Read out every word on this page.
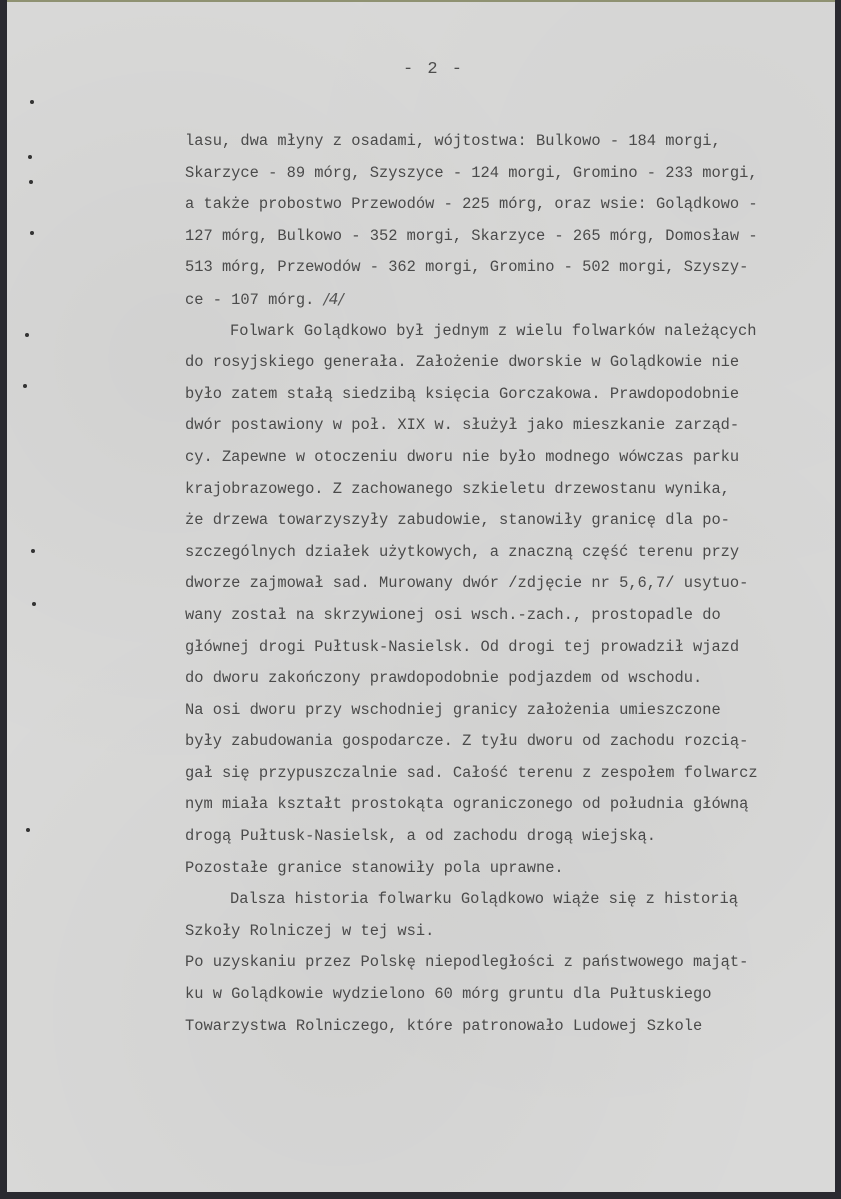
- 2 -
lasu, dwa młyny z osadami, wójtostwa: Bulkowo - 184 morgi,
Skarzyce - 89 mórg, Szyszyce - 124 morgi, Gromino - 233 morgi,
a także probostwo Przewodów - 225 mórg, oraz wsie: Golądkowo -
127 mórg, Bulkowo - 352 morgi, Skarzyce - 265 mórg, Domosław -
513 mórg, Przewodów - 362 morgi, Gromino - 502 morgi, Szyszy-
ce - 107 mórg. /4/
Folwark Golądkowo był jednym z wielu folwarków należących
do rosyjskiego generała. Założenie dworskie w Golądkowie nie
było zatem stałą siedzibą księcia Gorczakowa. Prawdopodobnie
dwór postawiony w poł. XIX w. służył jako mieszkanie zarząd-
cy. Zapewne w otoczeniu dworu nie było modnego wówczas parku
krajobrazowego. Z zachowanego szkieletu drzewostanu wynika,
że drzewa towarzyszyły zabudowie, stanowiły granicę dla po-
szczególnych działek użytkowych, a znaczną część terenu przy
dworze zajmował sad. Murowany dwór /zdjęcie nr 5,6,7/ usytuo-
wany został na skrzywionej osi wsch.-zach., prostopadle do
głównej drogi Pułtusk-Nasielsk. Od drogi tej prowadził wjazd
do dworu zakończony prawdopodobnie podjazdem od wschodu.
Na osi dworu przy wschodniej granicy założenia umieszczone
były zabudowania gospodarcze. Z tyłu dworu od zachodu rozcią-
gał się przypuszczalnie sad. Całość terenu z zespołem folwarcz
nym miała kształt prostokąta ograniczonego od południa główną
drogą Pułtusk-Nasielsk, a od zachodu drogą wiejską.
Pozostałe granice stanowiły pola uprawne.
Dalsza historia folwarku Golądkowo wiąże się z historią
Szkoły Rolniczej w tej wsi.
Po uzyskaniu przez Polskę niepodległości z państwowego mająt-
ku w Golądkowie wydzielono 60 mórg gruntu dla Pułtuskiego
Towarzystwa Rolniczego, które patronowało Ludowej Szkole
